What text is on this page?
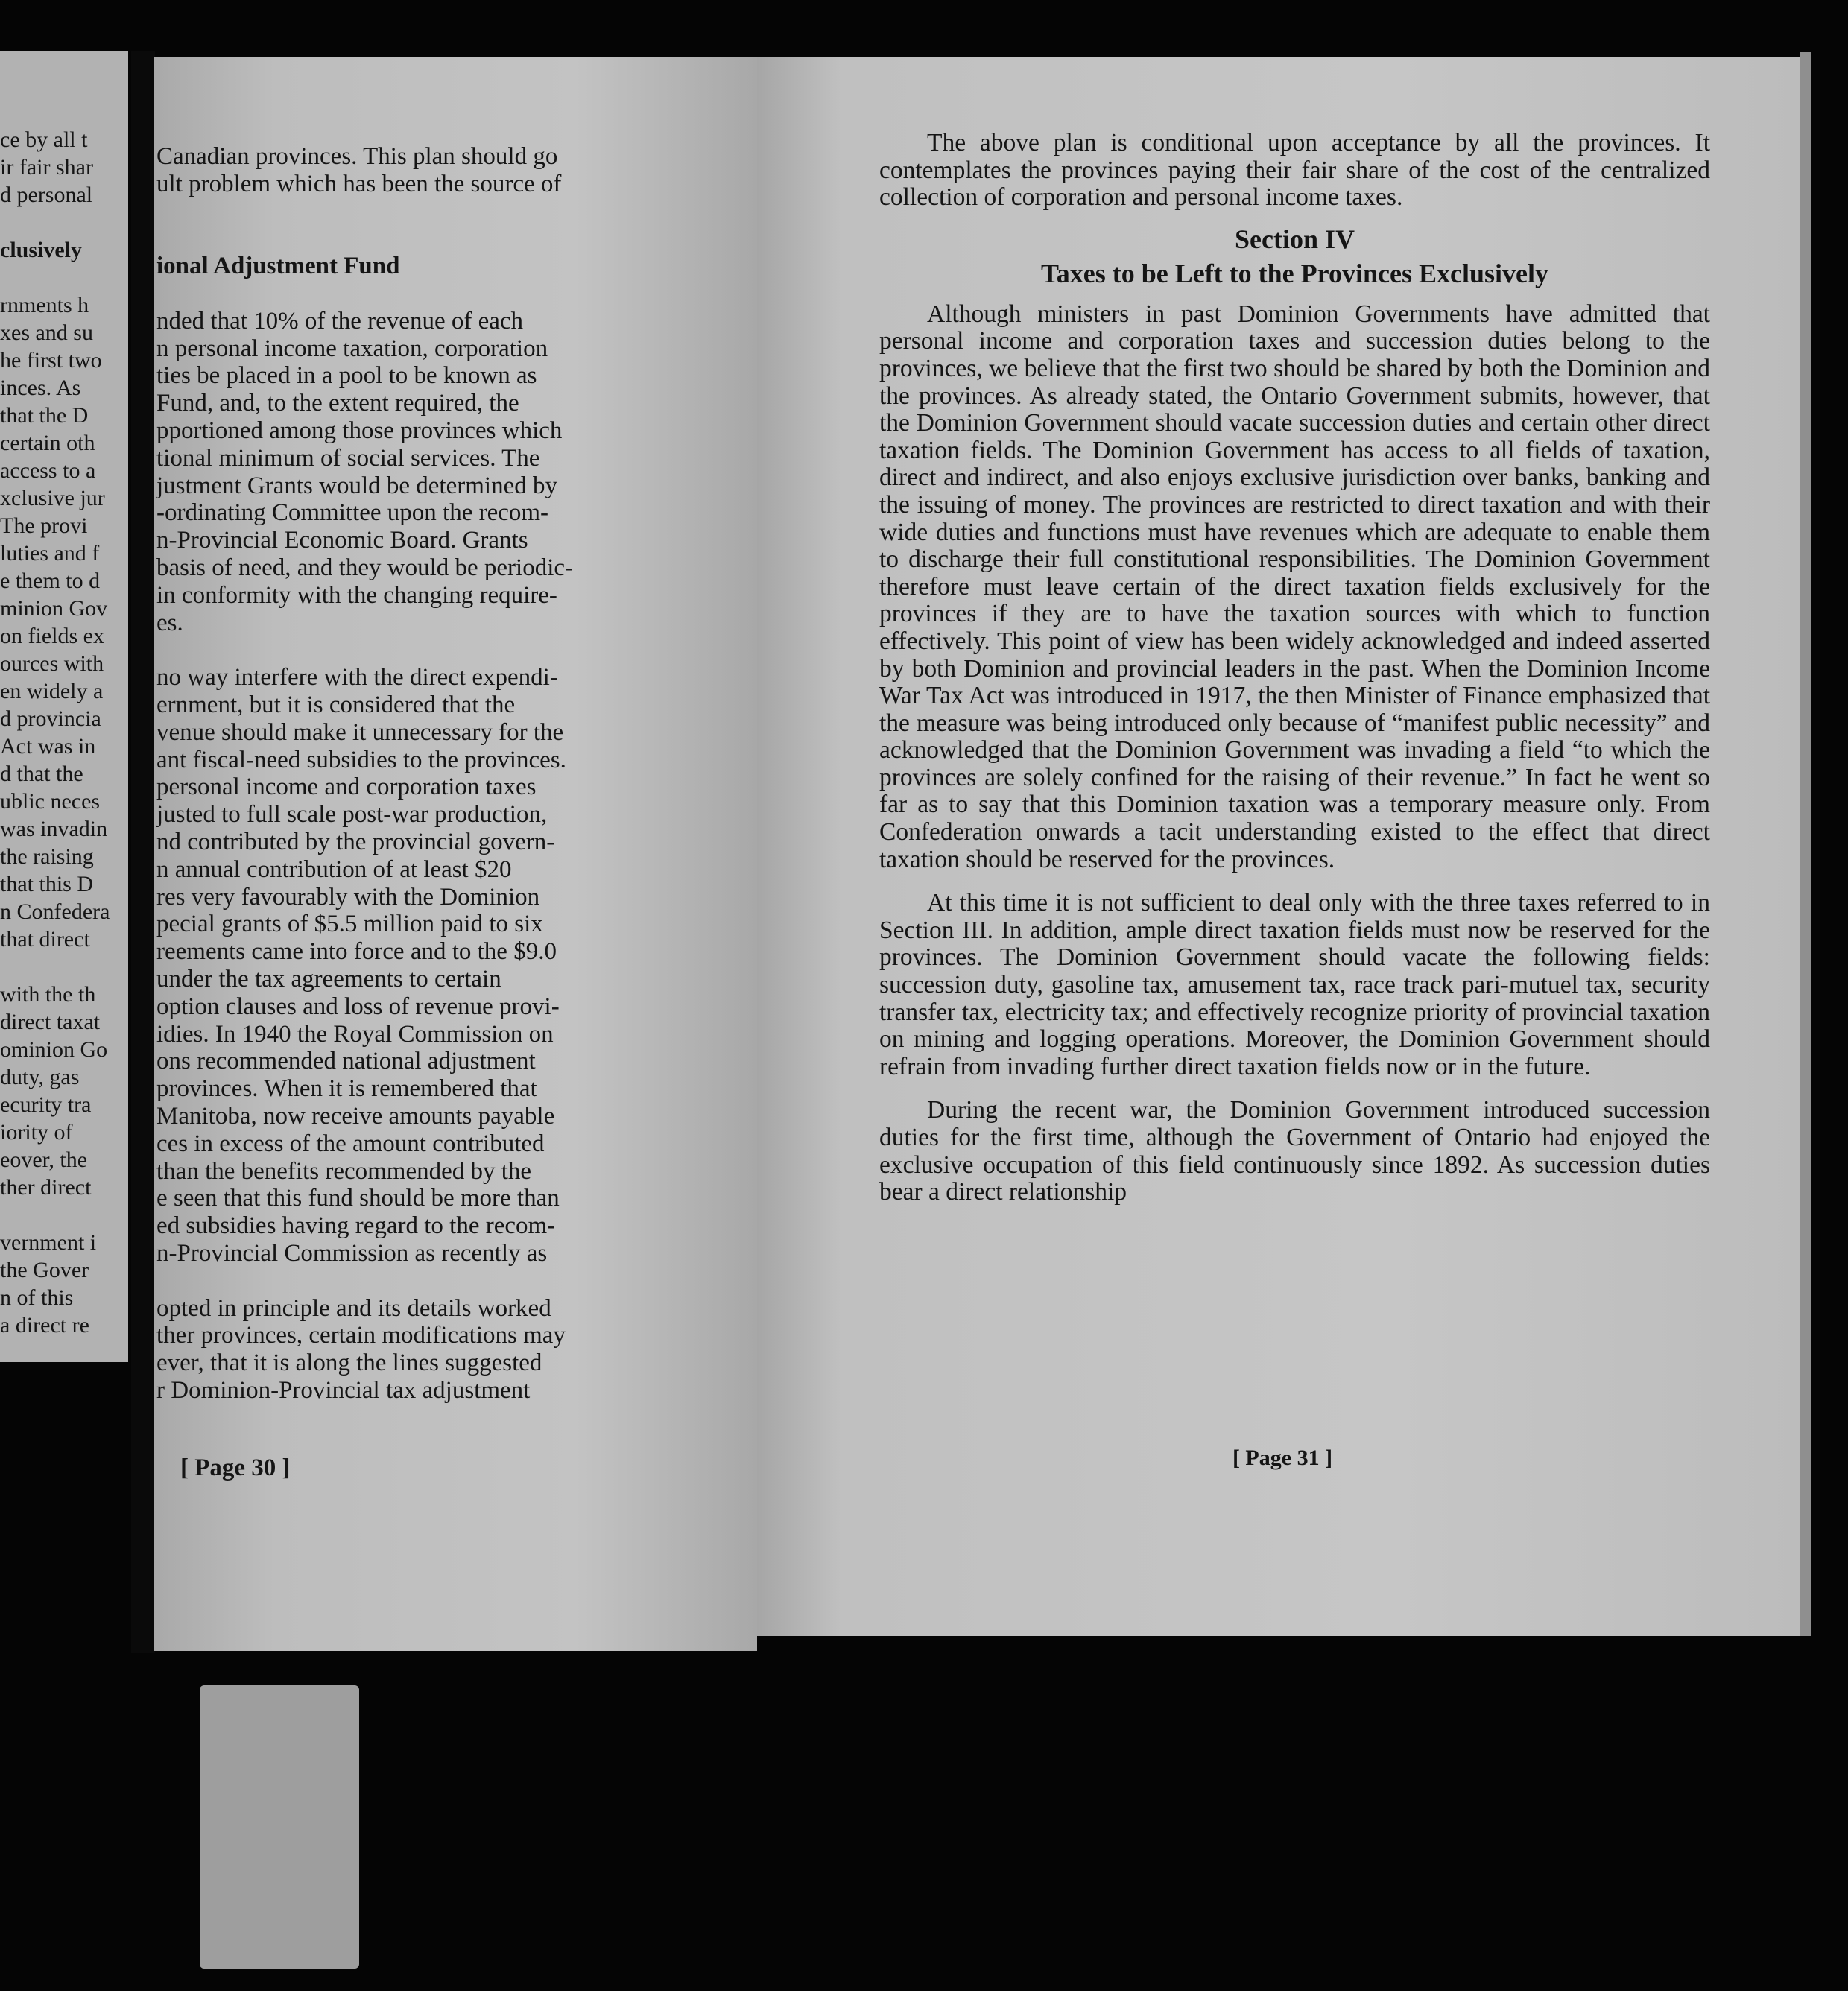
ce by all t
ir fair shar
d personal
clusively
rnments h
xes and su
he first two
inces. As
that the D
certain oth
access to a
xclusive jur
The provi
luties and f
e them to d
minion Gov
on fields ex
ources with
en widely a
d provincia
Act was in
d that the
ublic neces
was invadin
the raising
that this D
n Confedera
that direct
with the th
direct taxat
ominion Go
duty, gas
ecurity tra
iority of
eover, the
ther direct
vernment i
the Gover
n of this
a direct re
Canadian provinces. This plan should go
ult problem which has been the source of
ional Adjustment Fund
nded that 10% of the revenue of each
n personal income taxation, corporation
ties be placed in a pool to be known as
Fund, and, to the extent required, the
pportioned among those provinces which
tional minimum of social services. The
justment Grants would be determined by
-ordinating Committee upon the recom-
n-Provincial Economic Board. Grants
basis of need, and they would be periodic-
in conformity with the changing require-
es.
no way interfere with the direct expendi-
ernment, but it is considered that the
venue should make it unnecessary for the
ant fiscal-need subsidies to the provinces.
personal income and corporation taxes
justed to full scale post-war production,
nd contributed by the provincial govern-
n annual contribution of at least $20
res very favourably with the Dominion
pecial grants of $5.5 million paid to six
reements came into force and to the $9.0
under the tax agreements to certain
option clauses and loss of revenue provi-
idies. In 1940 the Royal Commission on
ons recommended national adjustment
provinces. When it is remembered that
Manitoba, now receive amounts payable
ces in excess of the amount contributed
than the benefits recommended by the
e seen that this fund should be more than
ed subsidies having regard to the recom-
n-Provincial Commission as recently as
opted in principle and its details worked
ther provinces, certain modifications may
ever, that it is along the lines suggested
r Dominion-Provincial tax adjustment
[ Page 30 ]

The above plan is conditional upon acceptance by all the provinces. It contemplates the provinces paying their fair share of the cost of the centralized collection of corporation and personal income taxes.

Section IV
Taxes to be Left to the Provinces Exclusively

Although ministers in past Dominion Governments have admitted that personal income and corporation taxes and succession duties belong to the provinces, we believe that the first two should be shared by both the Dominion and the provinces. As already stated, the Ontario Government submits, however, that the Dominion Government should vacate succession duties and certain other direct taxation fields. The Dominion Government has access to all fields of taxation, direct and indirect, and also enjoys exclusive jurisdiction over banks, banking and the issuing of money. The provinces are restricted to direct taxation and with their wide duties and functions must have revenues which are adequate to enable them to discharge their full constitutional responsibilities. The Dominion Government therefore must leave certain of the direct taxation fields exclusively for the provinces if they are to have the taxation sources with which to function effectively. This point of view has been widely acknowledged and indeed asserted by both Dominion and provincial leaders in the past. When the Dominion Income War Tax Act was introduced in 1917, the then Minister of Finance emphasized that the measure was being introduced only because of “manifest public necessity” and acknowledged that the Dominion Government was invading a field “to which the provinces are solely confined for the raising of their revenue.” In fact he went so far as to say that this Dominion taxation was a temporary measure only. From Confederation onwards a tacit understanding existed to the effect that direct taxation should be reserved for the provinces.

At this time it is not sufficient to deal only with the three taxes referred to in Section III. In addition, ample direct taxation fields must now be reserved for the provinces. The Dominion Government should vacate the following fields: succession duty, gasoline tax, amusement tax, race track pari-mutuel tax, security transfer tax, electricity tax; and effectively recognize priority of provincial taxation on mining and logging operations. Moreover, the Dominion Government should refrain from invading further direct taxation fields now or in the future.

During the recent war, the Dominion Government introduced succession duties for the first time, although the Government of Ontario had enjoyed the exclusive occupation of this field continuously since 1892. As succession duties bear a direct relationship

[ Page 31 ]
